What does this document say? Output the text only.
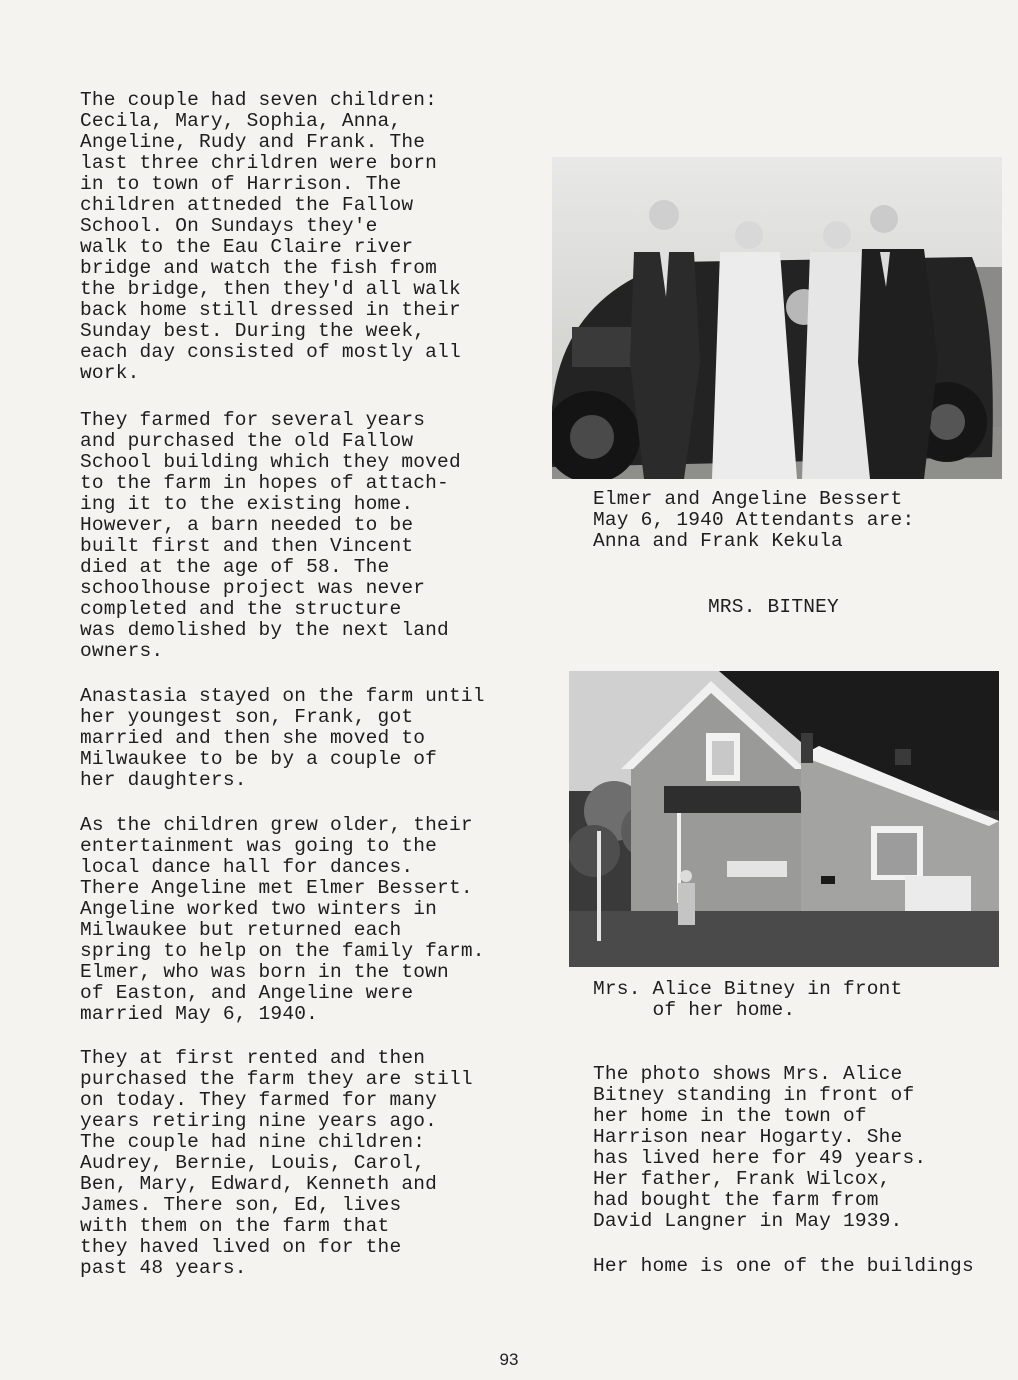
The couple had seven children:
Cecila, Mary, Sophia, Anna,
Angeline, Rudy and Frank. The
last three chrildren were born
in to town of Harrison. The
children attneded the Fallow
School. On Sundays they'e
walk to the Eau Claire river
bridge and watch the fish from
the bridge, then they'd all walk
back home still dressed in their
Sunday best. During the week,
each day consisted of mostly all
work.

They farmed for several years
and purchased the old Fallow
School building which they moved
to the farm in hopes of attach-
ing it to the existing home.
However, a barn needed to be
built first and then Vincent
died at the age of 58. The
schoolhouse project was never
completed and the structure
was demolished by the next land
owners.

Anastasia stayed on the farm until
her youngest son, Frank, got
married and then she moved to
Milwaukee to be by a couple of
her daughters.

As the children grew older, their
entertainment was going to the
local dance hall for dances.
There Angeline met Elmer Bessert.
Angeline worked two winters in
Milwaukee but returned each
spring to help on the family farm.
Elmer, who was born in the town
of Easton, and Angeline were
married May 6, 1940.

They at first rented and then
purchased the farm they are still
on today. They farmed for many
years retiring nine years ago.
The couple had nine children:
Audrey, Bernie, Louis, Carol,
Ben, Mary, Edward, Kenneth and
James. There son, Ed, lives
with them on the farm that
they haved lived on for the
past 48 years.

Elmer and Angeline Bessert
May 6, 1940 Attendants are:
Anna and Frank Kekula

MRS. BITNEY

Mrs. Alice Bitney in front
of her home.

The photo shows Mrs. Alice
Bitney standing in front of
her home in the town of
Harrison near Hogarty. She
has lived here for 49 years.
Her father, Frank Wilcox,
had bought the farm from
David Langner in May 1939.

Her home is one of the buildings

93
